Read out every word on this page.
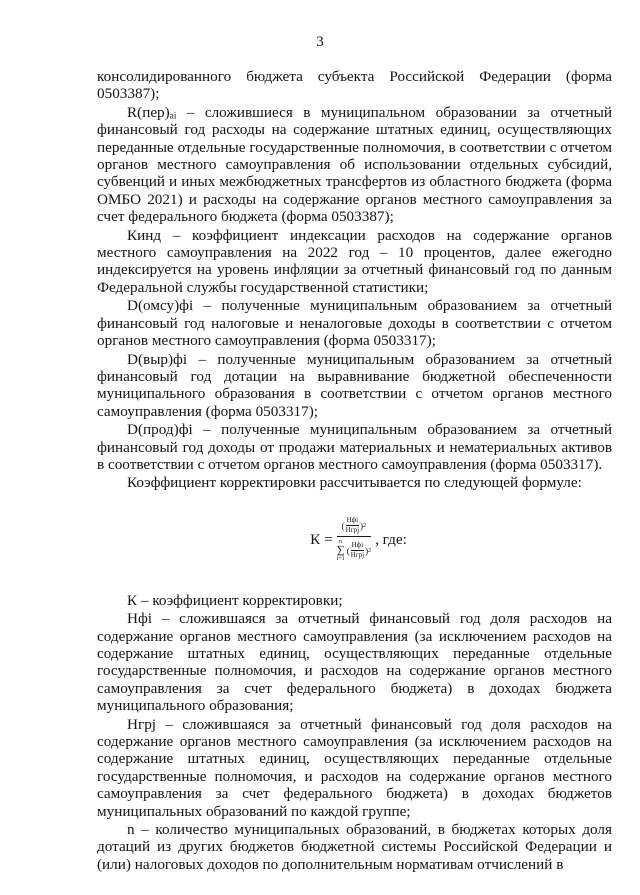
3

консолидированного бюджета субъекта Российской Федерации (форма 0503387);

R(пер)ₐᵢ – сложившиеся в муниципальном образовании за отчетный финансовый год расходы на содержание штатных единиц, осуществляющих переданные отдельные государственные полномочия, в соответствии с отчетом органов местного самоуправления об использовании отдельных субсидий, субвенций и иных межбюджетных трансфертов из областного бюджета (форма ОМБО 2021) и расходы на содержание органов местного самоуправления за счет федерального бюджета (форма 0503387);

Кинд – коэффициент индексации расходов на содержание органов местного самоуправления на 2022 год – 10 процентов, далее ежегодно индексируется на уровень инфляции за отчетный финансовый год по данным Федеральной службы государственной статистики;

D(омсу)фi – полученные муниципальным образованием за отчетный финансовый год налоговые и неналоговые доходы в соответствии с отчетом органов местного самоуправления (форма 0503317);

D(выр)фi – полученные муниципальным образованием за отчетный финансовый год дотации на выравнивание бюджетной обеспеченности муниципального образования в соответствии с отчетом органов местного самоуправления (форма 0503317);

D(прод)фi – полученные муниципальным образованием за отчетный финансовый год доходы от продажи материальных и нематериальных активов в соответствии с отчетом органов местного самоуправления (форма 0503317).

Коэффициент корректировки рассчитывается по следующей формуле:

К =
(
Нфi
Нгрj ) 2
n
∑
i=1
(
Нфi
Нгрj ) 2
, где:

К – коэффициент корректировки;

Нфi – сложившаяся за отчетный финансовый год доля расходов на содержание органов местного самоуправления (за исключением расходов на содержание штатных единиц, осуществляющих переданные отдельные государственные полномочия, и расходов на содержание органов местного самоуправления за счет федерального бюджета) в доходах бюджета муниципального образования;

Нгрj – сложившаяся за отчетный финансовый год доля расходов на содержание органов местного самоуправления (за исключением расходов на содержание штатных единиц, осуществляющих переданные отдельные государственные полномочия, и расходов на содержание органов местного самоуправления за счет федерального бюджета) в доходах бюджетов муниципальных образований по каждой группе;

n – количество муниципальных образований, в бюджетах которых доля дотаций из других бюджетов бюджетной системы Российской Федерации и (или) налоговых доходов по дополнительным нормативам отчислений в
